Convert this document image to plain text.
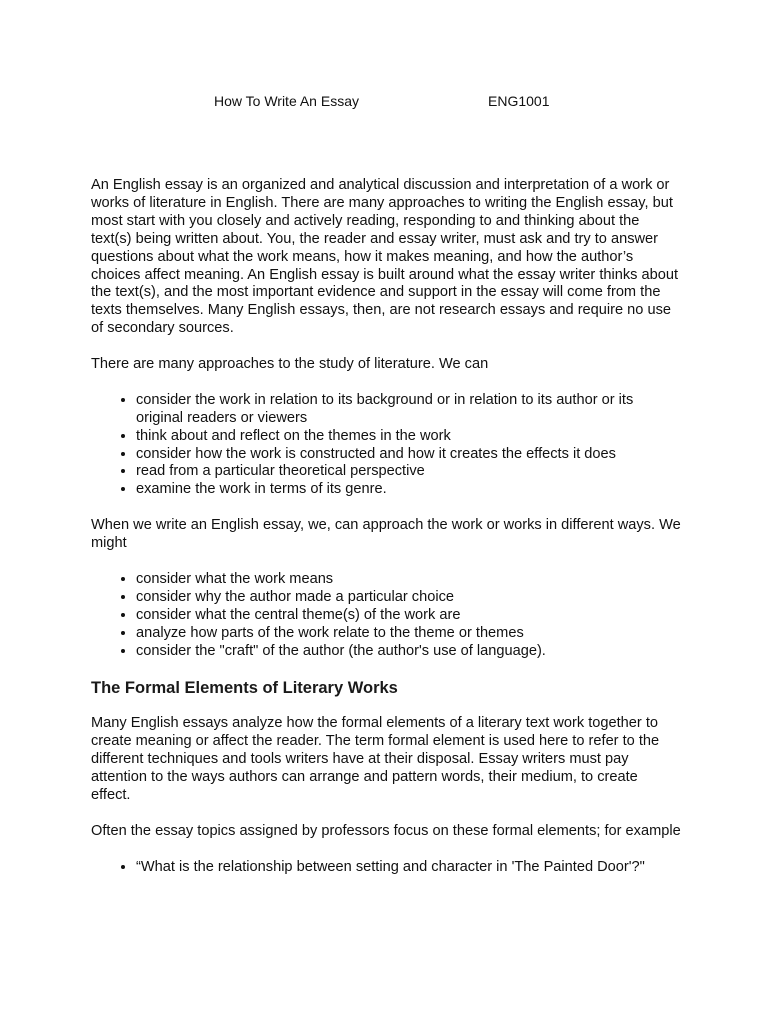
How To Write An Essay	ENG1001

An English essay is an organized and analytical discussion and interpretation of a work or works of literature in English. There are many approaches to writing the English essay, but most start with you closely and actively reading, responding to and thinking about the text(s) being written about. You, the reader and essay writer, must ask and try to answer questions about what the work means, how it makes meaning, and how the author’s choices affect meaning. An English essay is built around what the essay writer thinks about the text(s), and the most important evidence and support in the essay will come from the texts themselves. Many English essays, then, are not research essays and require no use of secondary sources.

There are many approaches to the study of literature. We can

• consider the work in relation to its background or in relation to its author or its original readers or viewers
• think about and reflect on the themes in the work
• consider how the work is constructed and how it creates the effects it does
• read from a particular theoretical perspective
• examine the work in terms of its genre.

When we write an English essay, we, can approach the work or works in different ways. We might

• consider what the work means
• consider why the author made a particular choice
• consider what the central theme(s) of the work are
• analyze how parts of the work relate to the theme or themes
• consider the "craft" of the author (the author's use of language).
The Formal Elements of Literary Works

Many English essays analyze how the formal elements of a literary text work together to create meaning or affect the reader. The term formal element is used here to refer to the different techniques and tools writers have at their disposal. Essay writers must pay attention to the ways authors can arrange and pattern words, their medium, to create effect.

Often the essay topics assigned by professors focus on these formal elements; for example

• “What is the relationship between setting and character in 'The Painted Door'?"
